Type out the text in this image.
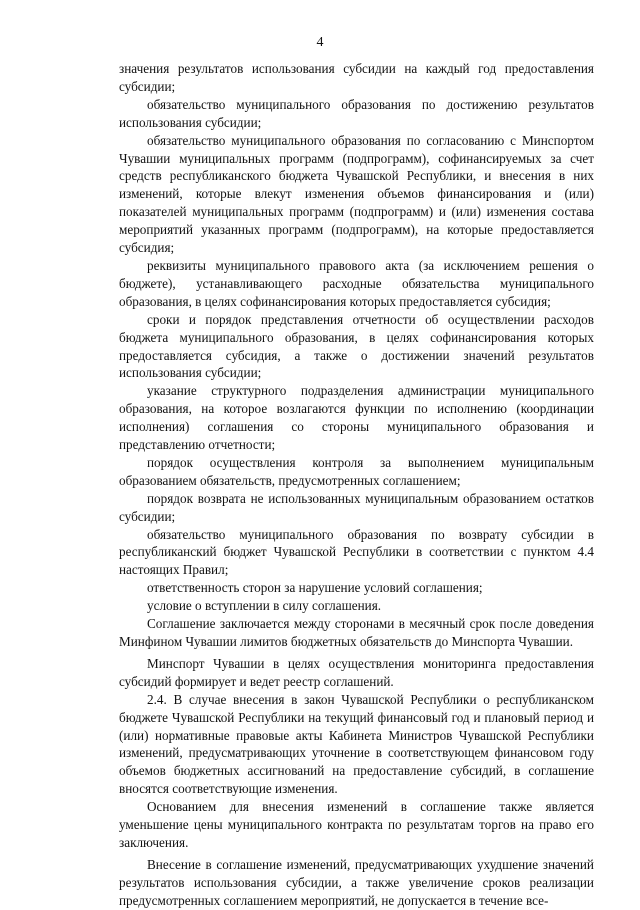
4

значения результатов использования субсидии на каждый год предоставления субсидии;

обязательство муниципального образования по достижению результатов использования субсидии;

обязательство муниципального образования по согласованию с Минспортом Чувашии муниципальных программ (подпрограмм), софинансируемых за счет средств республиканского бюджета Чувашской Республики, и внесения в них изменений, которые влекут изменения объемов финансирования и (или) показателей муниципальных программ (подпрограмм) и (или) изменения состава мероприятий указанных программ (подпрограмм), на которые предоставляется субсидия;

реквизиты муниципального правового акта (за исключением решения о бюджете), устанавливающего расходные обязательства муниципального образования, в целях софинансирования которых предоставляется субсидия;

сроки и порядок представления отчетности об осуществлении расходов бюджета муниципального образования, в целях софинансирования которых предоставляется субсидия, а также о достижении значений результатов использования субсидии;

указание структурного подразделения администрации муниципального образования, на которое возлагаются функции по исполнению (координации исполнения) соглашения со стороны муниципального образования и представлению отчетности;

порядок осуществления контроля за выполнением муниципальным образованием обязательств, предусмотренных соглашением;

порядок возврата не использованных муниципальным образованием остатков субсидии;

обязательство муниципального образования по возврату субсидии в республиканский бюджет Чувашской Республики в соответствии с пунктом 4.4 настоящих Правил;

ответственность сторон за нарушение условий соглашения;

условие о вступлении в силу соглашения.

Соглашение заключается между сторонами в месячный срок после доведения Минфином Чувашии лимитов бюджетных обязательств до Минспорта Чувашии.

Минспорт Чувашии в целях осуществления мониторинга предоставления субсидий формирует и ведет реестр соглашений.

2.4. В случае внесения в закон Чувашской Республики о республиканском бюджете Чувашской Республики на текущий финансовый год и плановый период и (или) нормативные правовые акты Кабинета Министров Чувашской Республики изменений, предусматривающих уточнение в соответствующем финансовом году объемов бюджетных ассигнований на предоставление субсидий, в соглашение вносятся соответствующие изменения.

Основанием для внесения изменений в соглашение также является уменьшение цены муниципального контракта по результатам торгов на право его заключения.

Внесение в соглашение изменений, предусматривающих ухудшение значений результатов использования субсидии, а также увеличение сроков реализации предусмотренных соглашением мероприятий, не допускается в течение все-
